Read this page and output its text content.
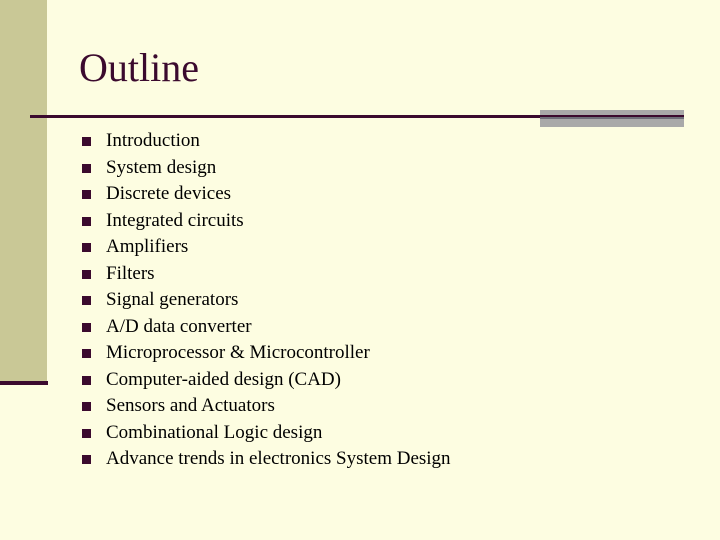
Outline
Introduction
System design
Discrete devices
Integrated circuits
Amplifiers
Filters
Signal generators
A/D data converter
Microprocessor & Microcontroller
Computer-aided design (CAD)
Sensors and Actuators
Combinational Logic design
Advance trends in electronics System Design
